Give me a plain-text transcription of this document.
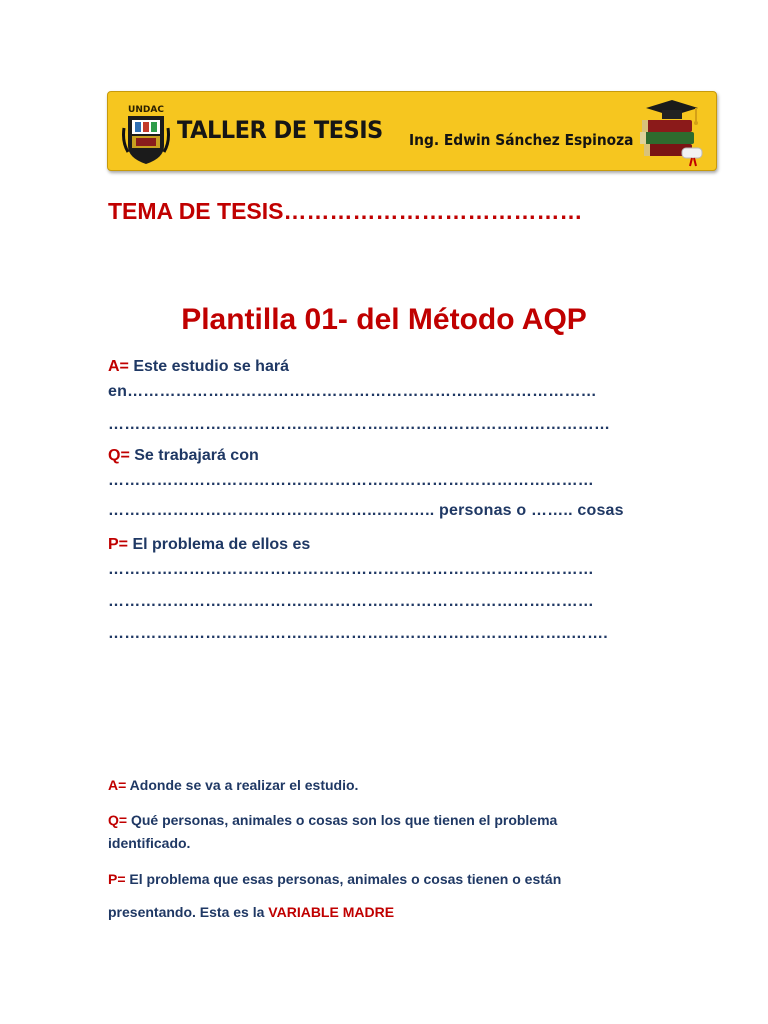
UNDAC
TALLER DE TESIS Ing. Edwin Sánchez Espinoza
TEMA DE TESIS…………………………………
Plantilla 01- del Método AQP
A= Este estudio se hará
en……………………………………………………………………………
…………………………………………………………………………………
Q= Se trabajará con
………………………………………………………………………………
…………………………………………..……….. personas o …….. cosas
P= El problema de ellos es
………………………………………………………………………………
………………………………………………………………………………
…………………………………………………………………………..…….
A= Adonde se va a realizar el estudio.
Q= Qué personas, animales o cosas son los que tienen el problema
identificado.
P= El problema que esas personas, animales o cosas tienen o están
presentando. Esta es la VARIABLE MADRE
